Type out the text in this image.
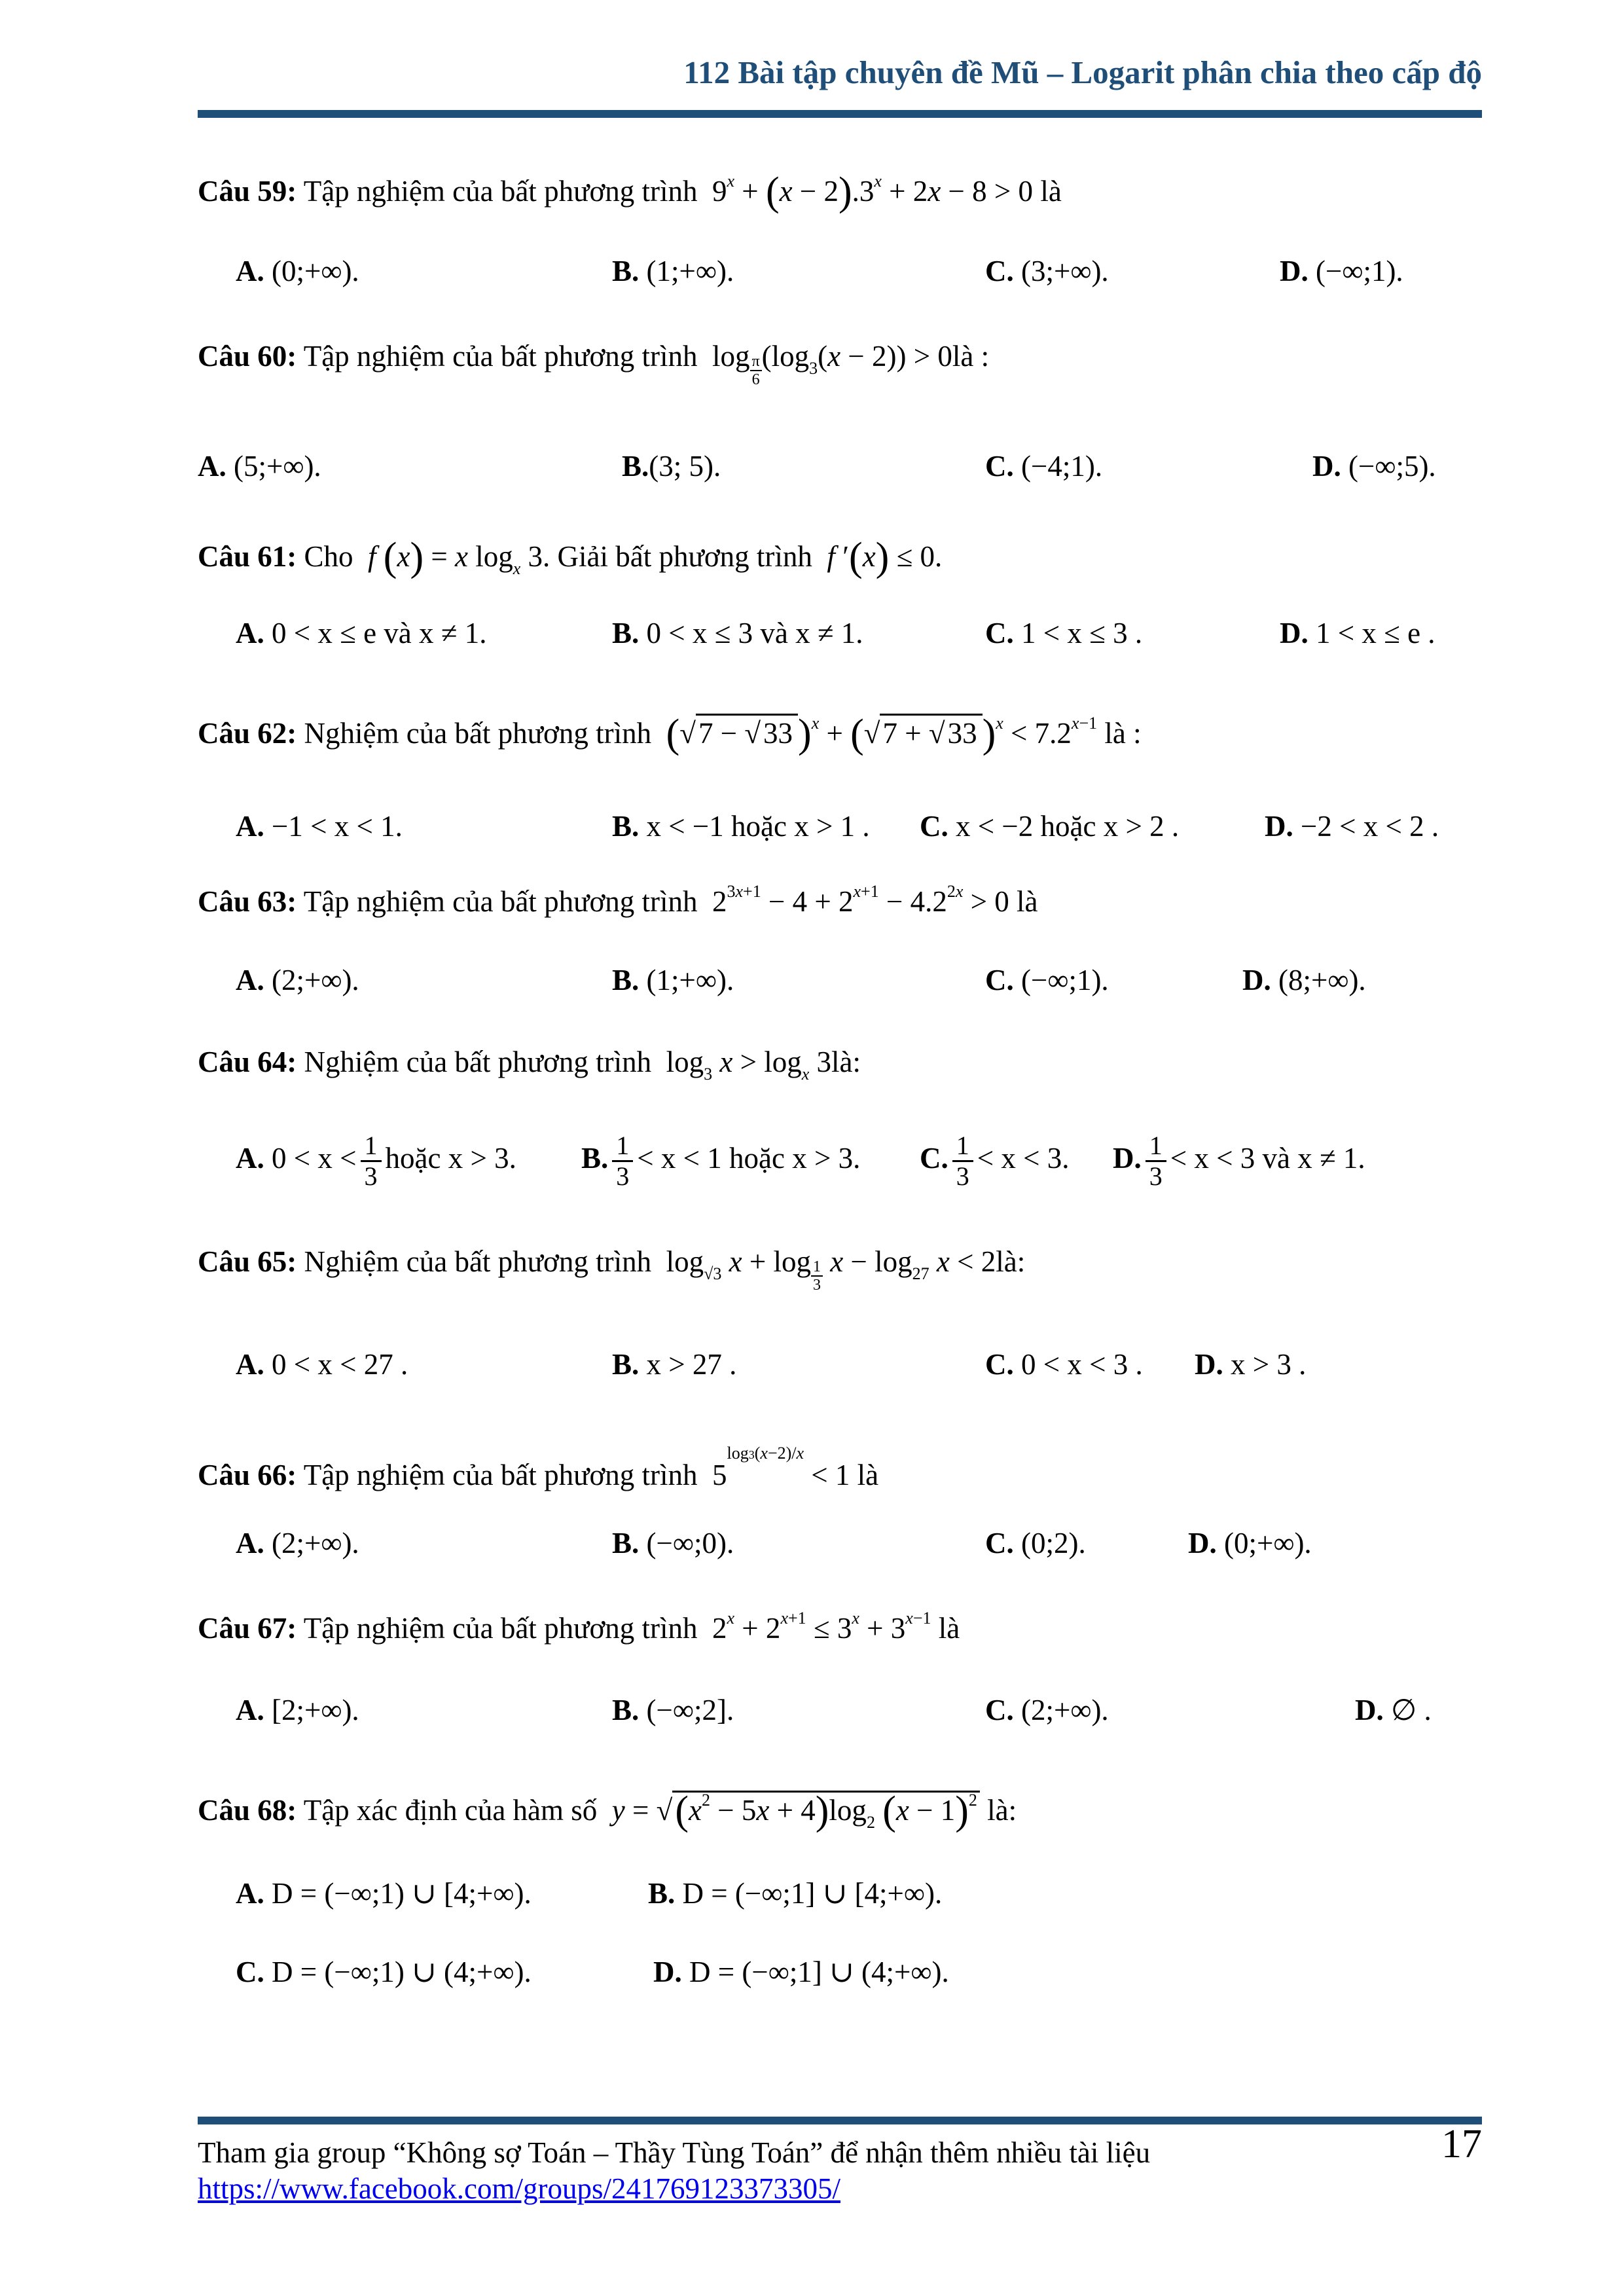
112 Bài tập chuyên đề Mũ – Logarit phân chia theo cấp độ
Câu 59: Tập nghiệm của bất phương trình  $9^x + (x - 2).3^x + 2x - 8 > 0$ là
A. (0;+∞).	B. (1;+∞).	C. (3;+∞).	D. (−∞;1).
Câu 60: Tập nghiệm của bất phương trình  $\log \frac{\pi}{6} (\log_3(x - 2))$ > 0là :
A. (5;+∞).	B.(3; 5).	C. (−4;1).	D. (−∞;5).
Câu 61: Cho f (x) = x $\log_x 3$. Giải bất phương trình f ′(x) ≤ 0.
A. 0 < x ≤ e và x ≠ 1.	B. 0 < x ≤ 3 và x ≠ 1.	C. 1 < x ≤ 3 .	D. 1 < x ≤ e .
Câu 62: Nghiệm của bất phương trình (√7 − √33 )$^x$ + (√7 + √33 )$^x < 7.2^{x-1}$ là :
A. −1 < x < 1.	B. x < −1 hoặc x > 1 . C. x < −2 hoặc x > 2 .	D. −2 < x < 2 .
Câu 63: Tập nghiệm của bất phương trình  $2^{3x+1} - 4 + 2^{x+1} - 4.2^{2x} > 0$ là
A. (2;+∞).	B. (1;+∞).	C. (−∞;1).	D. (8;+∞).
Câu 64: Nghiệm của bất phương trình  $\log_3 x > \log_x$ 3là:
A. $0 < x < \frac{1}{3}$ hoặc x > 3. B. $\frac{1}{3} < x < 1$ hoặc x > 3. C. $\frac{1}{3} < x < 3$. D. $\frac{1}{3} < x < 3$ và x ≠ 1.
Câu 65: Nghiệm của bất phương trình  $\log_{√3} x + \log \frac{1}{3}$ $x - \log_{27} x$ < 2là:
A. 0 < x < 27 .	B. x > 27 .	C. 0 < x < 3 . D. x > 3 .
Câu 66: Tập nghiệm của bất phương trình  $5^{log3(x-2)/x} < 1$ là
A. (2;+∞).	B. (−∞;0).	C. (0;2).	D. (0;+∞).
Câu 67: Tập nghiệm của bất phương trình  $2^x + 2^{x+1} \le 3^x + 3^{x-1}$ là
A. [2;+∞).	B. (−∞;2].	C. (2;+∞).	D. ∅ .
Câu 68: Tập xác định của hàm số $y = √(x^2 - 5x + 4)\log_2$ $(x - 1)^2$ là:
A. D = (−∞;1) ∪ [4;+∞).	B. D = (−∞;1] ∪ [4;+∞).
C. D = (−∞;1) ∪ (4;+∞).	D. D = (−∞;1] ∪ (4;+∞).
Tham gia group “Không sợ Toán – Thầy Tùng Toán” để nhận thêm nhiều tài liệu
https://www.facebook.com/groups/241769123373305/
17
